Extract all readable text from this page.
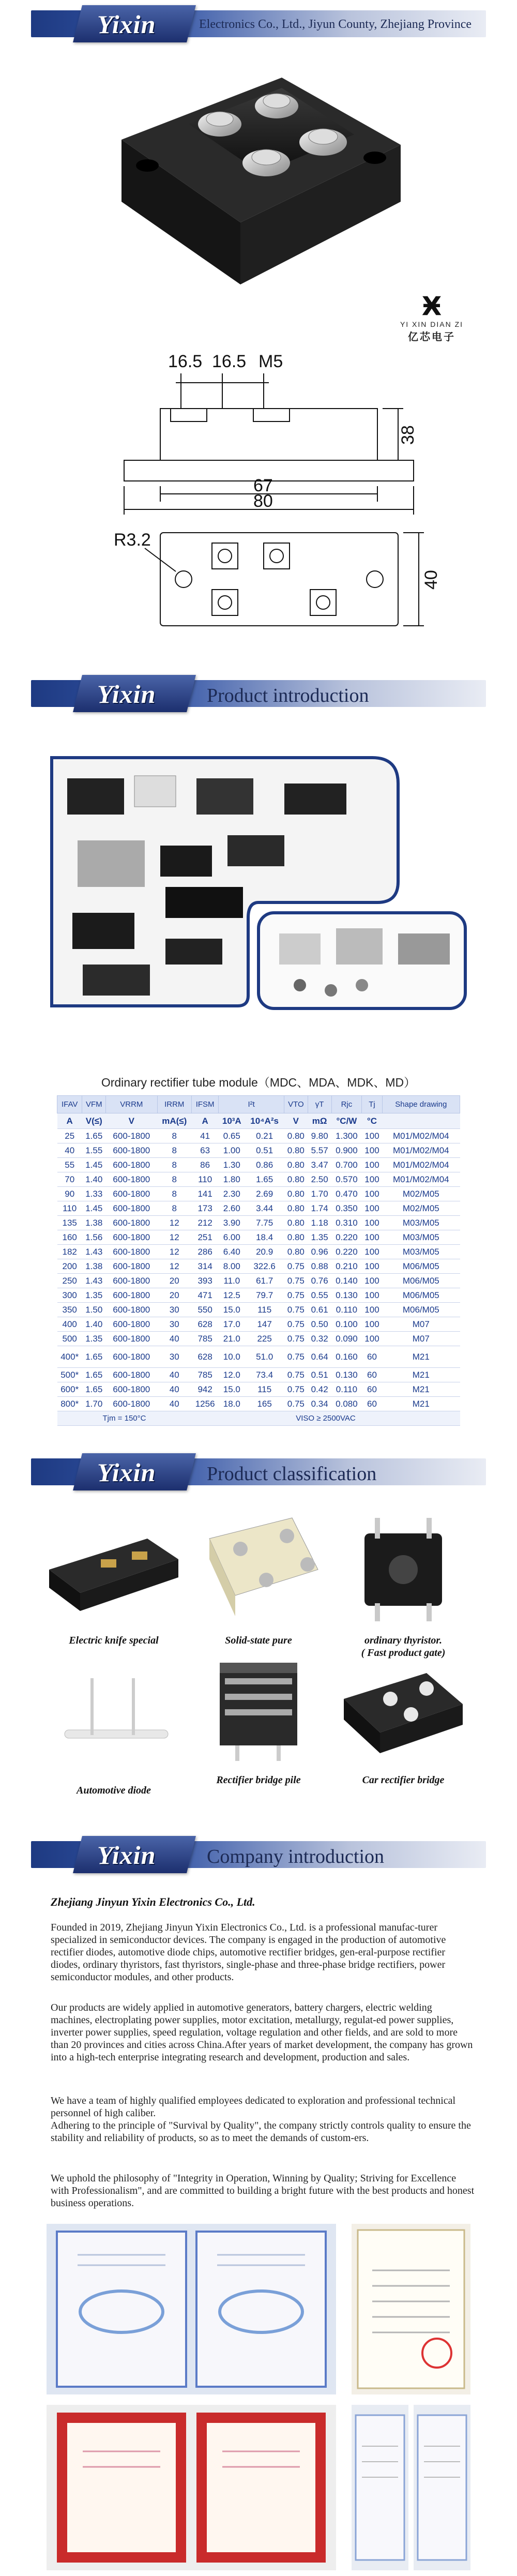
Yixin	Electronics Co., Ltd., Jiyun County, Zhejiang Province
Ӿ
YI XIN DIAN ZI
亿芯电子
16.5 16.5 M5
38
67
80
R3.2
40
Yixin	Product introduction
Ordinary rectifier tube module（MDC、MDA、MDK、MD）
IFAV	VFM	VRRM	IRRM	IFSM	I²t		VTO	γT	Rjc	Tj	Shape drawing
A	V(≤)	V	mA(≤)	A	10³A	10⁴A²s	V	mΩ	°C/W	°C	
25	1.65	600-1800	8	41	0.65	0.21	0.80	9.80	1.300	100	M01/M02/M04
40	1.55	600-1800	8	63	1.00	0.51	0.80	5.57	0.900	100	M01/M02/M04
55	1.45	600-1800	8	86	1.30	0.86	0.80	3.47	0.700	100	M01/M02/M04
70	1.40	600-1800	8	110	1.80	1.65	0.80	2.50	0.570	100	M01/M02/M04
90	1.33	600-1800	8	141	2.30	2.69	0.80	1.70	0.470	100	M02/M05
110	1.45	600-1800	8	173	2.60	3.44	0.80	1.74	0.350	100	M02/M05
135	1.38	600-1800	12	212	3.90	7.75	0.80	1.18	0.310	100	M03/M05
160	1.56	600-1800	12	251	6.00	18.4	0.80	1.35	0.220	100	M03/M05
182	1.43	600-1800	12	286	6.40	20.9	0.80	0.96	0.220	100	M03/M05
200	1.38	600-1800	12	314	8.00	322.6	0.75	0.88	0.210	100	M06/M05
250	1.43	600-1800	20	393	11.0	61.7	0.75	0.76	0.140	100	M06/M05
300	1.35	600-1800	20	471	12.5	79.7	0.75	0.55	0.130	100	M06/M05
350	1.50	600-1800	30	550	15.0	115	0.75	0.61	0.110	100	M06/M05
400	1.40	600-1800	30	628	17.0	147	0.75	0.50	0.100	100	M07
500	1.35	600-1800	40	785	21.0	225	0.75	0.32	0.090	100	M07
400*	1.65	600-1800	30	628	10.0	51.0	0.75	0.64	0.160	60	M21
500*	1.65	600-1800	40	785	12.0	73.4	0.75	0.51	0.130	60	M21
600*	1.65	600-1800	40	942	15.0	115	0.75	0.42	0.110	60	M21
800*	1.70	600-1800	40	1256	18.0	165	0.75	0.34	0.080	60	M21
Tjm = 150°C				VISO ≥ 2500VAC							
Yixin	Product classification
Electric knife special	Solid-state pure	ordinary thyristor.
( Fast product gate)
Automotive diode
Rectifier bridge pile	Car rectifier bridge
Yixin	Company introduction
Zhejiang Jinyun Yixin Electronics Co., Ltd.
Founded in 2019, Zhejiang Jinyun Yixin Electronics Co., Ltd. is a professional manufac-turer specialized in semiconductor devices. The company is engaged in the production of automotive rectifier diodes, automotive diode chips, automotive rectifier bridges, gen-eral-purpose rectifier diodes, ordinary thyristors, fast thyristors, single-phase and three-phase bridge rectifiers, power semiconductor modules, and other products.
Our products are widely applied in automotive generators, battery chargers, electric welding machines, electroplating power supplies, motor excitation, metallurgy, regulat-ed power supplies, inverter power supplies, speed regulation, voltage regulation and other fields, and are sold to more than 20 provinces and cities across China.After years of market development, the company has grown into a high-tech enterprise integrating research and development, production and sales.
We have a team of highly qualified employees dedicated to exploration and professional technical personnel of high caliber.
Adhering to the principle of "Survival by Quality", the company strictly controls quality to ensure the stability and reliability of products, so as to meet the demands of custom-ers.
We uphold the philosophy of "Integrity in Operation, Winning by Quality; Striving for Excellence with Professionalism", and are committed to building a bright future with the best products and honest business operations.
